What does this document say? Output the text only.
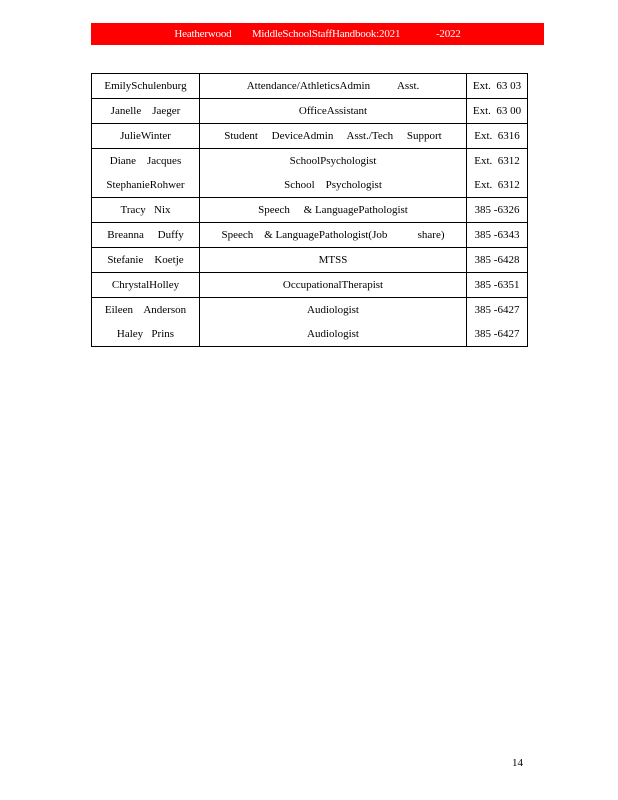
Heatherwood        MiddleSchoolStaffHandbook:2021              -2022
EmilySchulenburg	Attendance/AthleticsAdmin          Asst.	Ext.  63 03
Janelle    Jaeger	OfficeAssistant	Ext.  63 00
JulieWinter	Student     DeviceAdmin     Asst./Tech     Support	Ext.  6316
Diane    Jacques	SchoolPsychologist	Ext.  6312
StephanieRohwer	School    Psychologist	Ext.  6312
Tracy   Nix	Speech     & LanguagePathologist	385 -6326
Breanna     Duffy	Speech    & LanguagePathologist(Job           share)	385 -6343
Stefanie    Koetje	MTSS	385 -6428
ChrystalHolley	OccupationalTherapist	385 -6351
Eileen    Anderson	Audiologist	385 -6427
Haley   Prins	Audiologist	385 -6427
14
